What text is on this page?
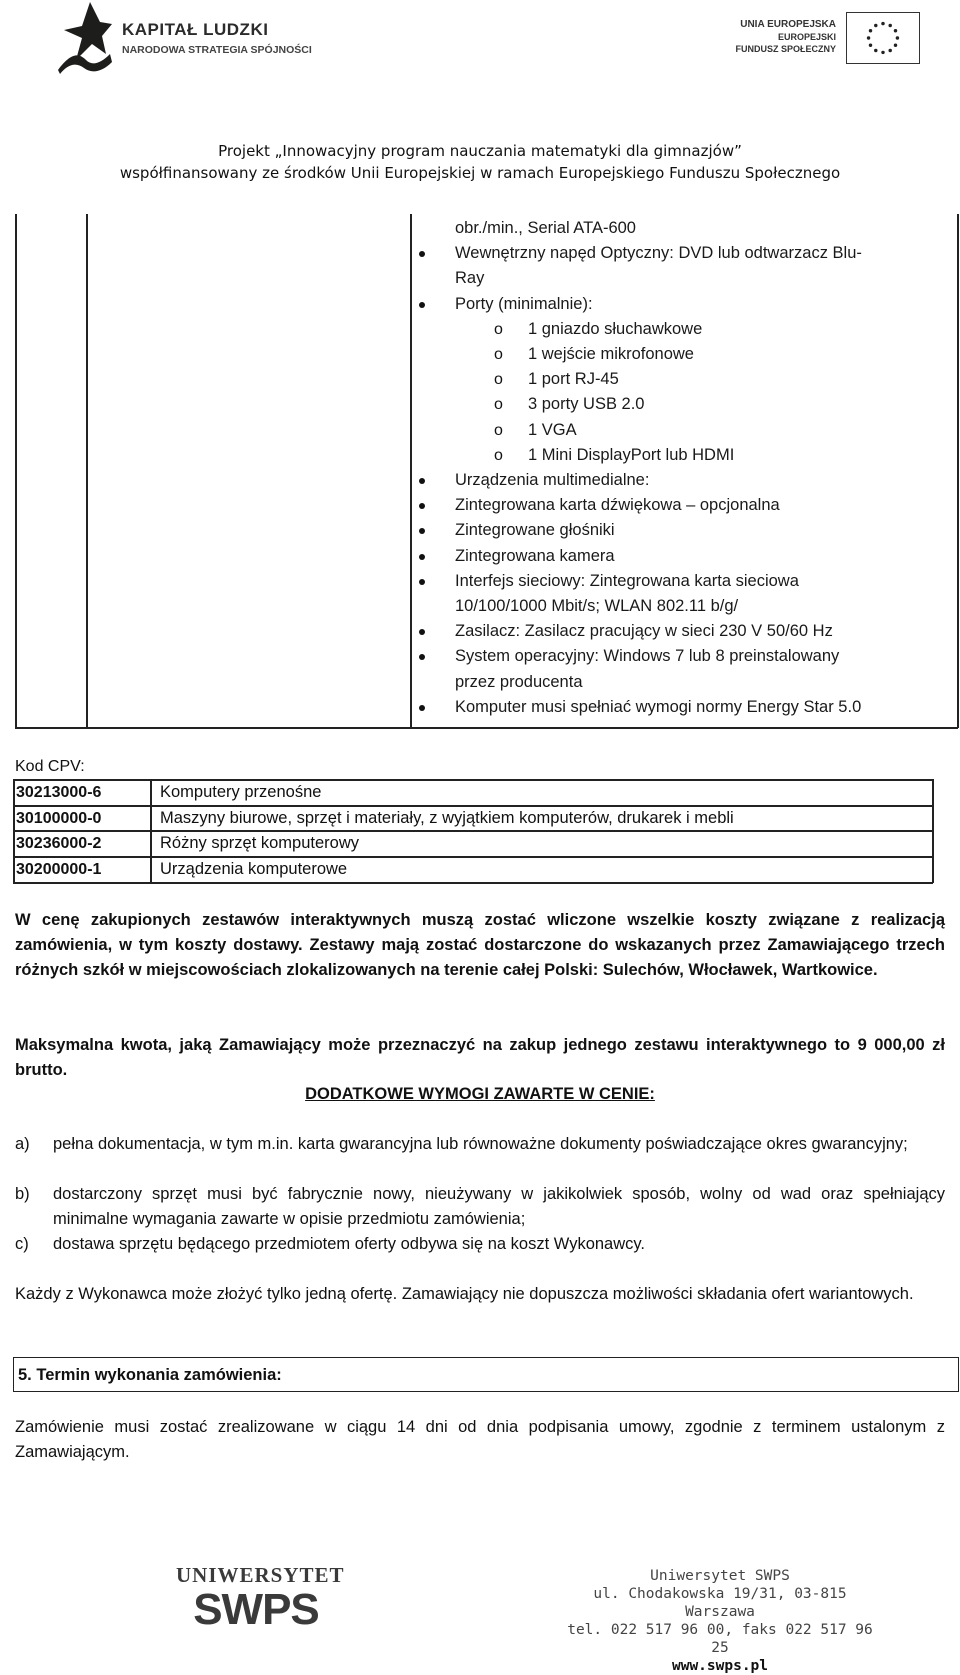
KAPITAŁ LUDZKI
NARODOWA STRATEGIA SPÓJNOŚCI
UNIA EUROPEJSKA
EUROPEJSKI
FUNDUSZ SPOŁECZNY
Projekt „Innowacyjny program nauczania matematyki dla gimnazjów”
współfinansowany ze środków Unii Europejskiej w ramach Europejskiego Funduszu Społecznego
obr./min., Serial ATA-600
Wewnętrzny napęd Optyczny: DVD lub odtwarzacz Blu-
Ray
Porty (minimalnie):
o 1 gniazdo słuchawkowe
o 1 wejście mikrofonowe
o 1 port RJ-45
o 3 porty USB 2.0
o 1 VGA
o 1 Mini DisplayPort lub HDMI
Urządzenia multimedialne:
Zintegrowana karta dźwiękowa – opcjonalna
Zintegrowane głośniki
Zintegrowana kamera
Interfejs sieciowy: Zintegrowana karta sieciowa
10/100/1000 Mbit/s; WLAN 802.11 b/g/
Zasilacz: Zasilacz pracujący w sieci 230 V 50/60 Hz
System operacyjny: Windows 7 lub 8 preinstalowany
przez producenta
Komputer musi spełniać wymogi normy Energy Star 5.0
Kod CPV:
30213000-6	Komputery przenośne
30100000-0	Maszyny biurowe, sprzęt i materiały, z wyjątkiem komputerów, drukarek i mebli
30236000-2	Różny sprzęt komputerowy
30200000-1	Urządzenia komputerowe
W cenę zakupionych zestawów interaktywnych muszą zostać wliczone wszelkie koszty związane z realizacją zamówienia, w tym koszty dostawy. Zestawy mają zostać dostarczone do wskazanych przez Zamawiającego trzech różnych szkół w miejscowościach zlokalizowanych na terenie całej Polski: Sulechów, Włocławek, Wartkowice.
Maksymalna kwota, jaką Zamawiający może przeznaczyć na zakup jednego zestawu interaktywnego to 9 000,00 zł brutto.
DODATKOWE WYMOGI ZAWARTE W CENIE:
a) pełna dokumentacja, w tym m.in. karta gwarancyjna lub równoważne dokumenty poświadczające okres gwarancyjny;
b) dostarczony sprzęt musi być fabrycznie nowy, nieużywany w jakikolwiek sposób, wolny od wad oraz spełniający minimalne wymagania zawarte w opisie przedmiotu zamówienia;
c) dostawa sprzętu będącego przedmiotem oferty odbywa się na koszt Wykonawcy.
Każdy z Wykonawca może złożyć tylko jedną ofertę. Zamawiający nie dopuszcza możliwości składania ofert wariantowych.
5. Termin wykonania zamówienia:
Zamówienie musi zostać zrealizowane w ciągu 14 dni od dnia podpisania umowy, zgodnie z terminem ustalonym z Zamawiającym.
UNIWERSYTET
SWPS
Uniwersytet SWPS
ul. Chodakowska 19/31, 03-815 Warszawa
tel. 022 517 96 00, faks 022 517 96 25
www.swps.pl
